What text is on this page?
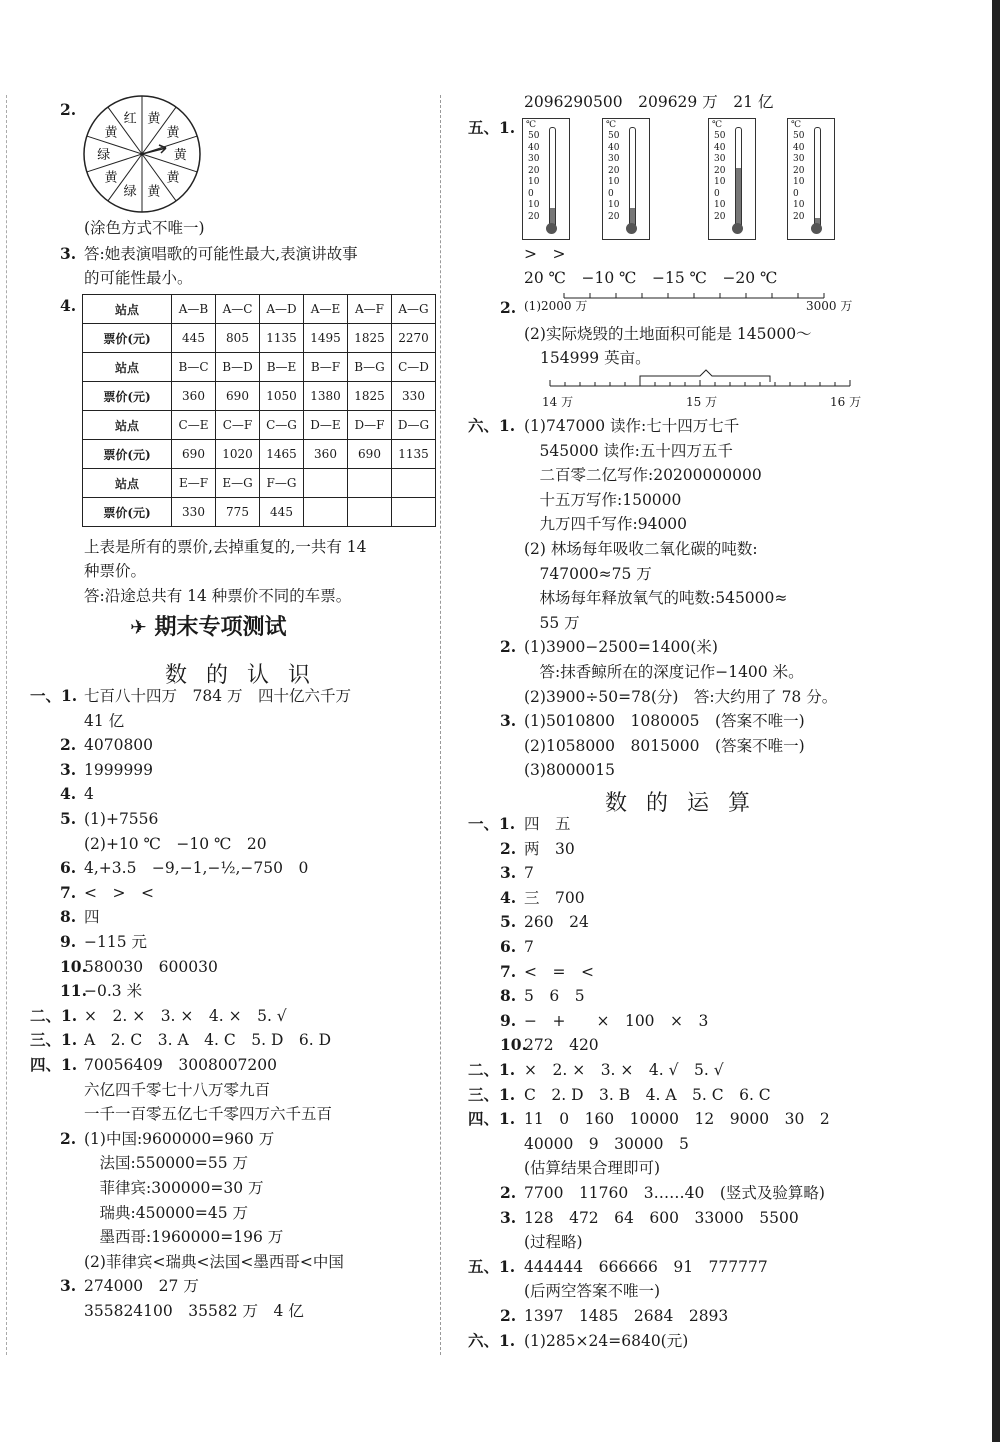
2.
黄
黄
黄
黄
黄
绿
黄
绿
黄
红
(涂色方式不唯一)
3. 答:她表演唱歌的可能性最大,表演讲故事
的可能性最小。
4.	站点	A—B	A—C	A—D	A—E	A—F	A—G
票价(元)	445	805	1135	1495	1825	2270
站点	B—C	B—D	B—E	B—F	B—G	C—D
票价(元)	360	690	1050	1380	1825	330
站点	C—E	C—F	C—G	D—E	D—F	D—G
票价(元)	690	1020	1465	360	690	1135
站点	E—F	E—G	F—G			
票价(元)	330	775	445			
上表是所有的票价,去掉重复的,一共有 14
种票价。
答:沿途总共有 14 种票价不同的车票。
✈ 期末专项测试
数 的 认 识
一、1. 七百八十四万　784 万　四十亿六千万
41 亿
2. 4070800
3. 1999999
4. 4
5. (1)+7556
(2)+10 ℃　−10 ℃　20
6. 4,+3.5　−9,−1,−½,−750　0
7. <　>　<
8. 四
9. −115 元
10.
580030　600030
11.
−0.3 米
二、1. ×　2. ×　3. ×　4. ×　5. √
三、1. A　2. C　3. A　4. C　5. D　6. D
四、1. 70056409　3008007200
六亿四千零七十八万零九百
一千一百零五亿七千零四万六千五百
2. (1)中国:9600000=960 万
　法国:550000=55 万
　菲律宾:300000=30 万
　瑞典:450000=45 万
　墨西哥:1960000=196 万
(2)菲律宾<瑞典<法国<墨西哥<中国
3. 274000　27 万
355824100　35582 万　4 亿
2096290500　209629 万　21 亿
五、1. ℃
50
40
30
20
10
0
10
20
℃
50
40
30
20
10
0
10
20
℃
50
40
30
20
10
0
10
20
℃
50
40
30
20
10
0
10
20
>　>
20 ℃　−10 ℃　−15 ℃　−20 ℃
2. (1)2000 万	3000 万
(2)实际烧毁的土地面积可能是 145000～
154999 英亩。
14 万	15 万	16 万
六、1. (1)747000 读作:七十四万七千
　545000 读作:五十四万五千
　二百零二亿写作:20200000000
　十五万写作:150000
　九万四千写作:94000
(2) 林场每年吸收二氧化碳的吨数:
　747000≈75 万
　林场每年释放氧气的吨数:545000≈
　55 万
2. (1)3900−2500=1400(米)
　答:抹香鲸所在的深度记作−1400 米。
(2)3900÷50=78(分)　答:大约用了 78 分。
3. (1)5010800　1080005　(答案不唯一)
(2)1058000　8015000　(答案不唯一)
(3)8000015
数 的 运 算
一、1. 四　五
2. 两　30
3. 7
4. 三　700
5. 260　24
6. 7
7. <　=　<
8. 5　6　5
9. −　+　　×　100　×　3
10.
272　420
二、1. ×　2. ×　3. ×　4. √　5. √
三、1. C　2. D　3. B　4. A　5. C　6. C
四、1. 11　0　160　10000　12　9000　30　2
40000　9　30000　5
(估算结果合理即可)
2. 7700　11760　3……40　(竖式及验算略)
3. 128　472　64　600　33000　5500
(过程略)
五、1. 444444　666666　91　777777
(后两空答案不唯一)
2. 1397　1485　2684　2893
六、1. (1)285×24=6840(元)
